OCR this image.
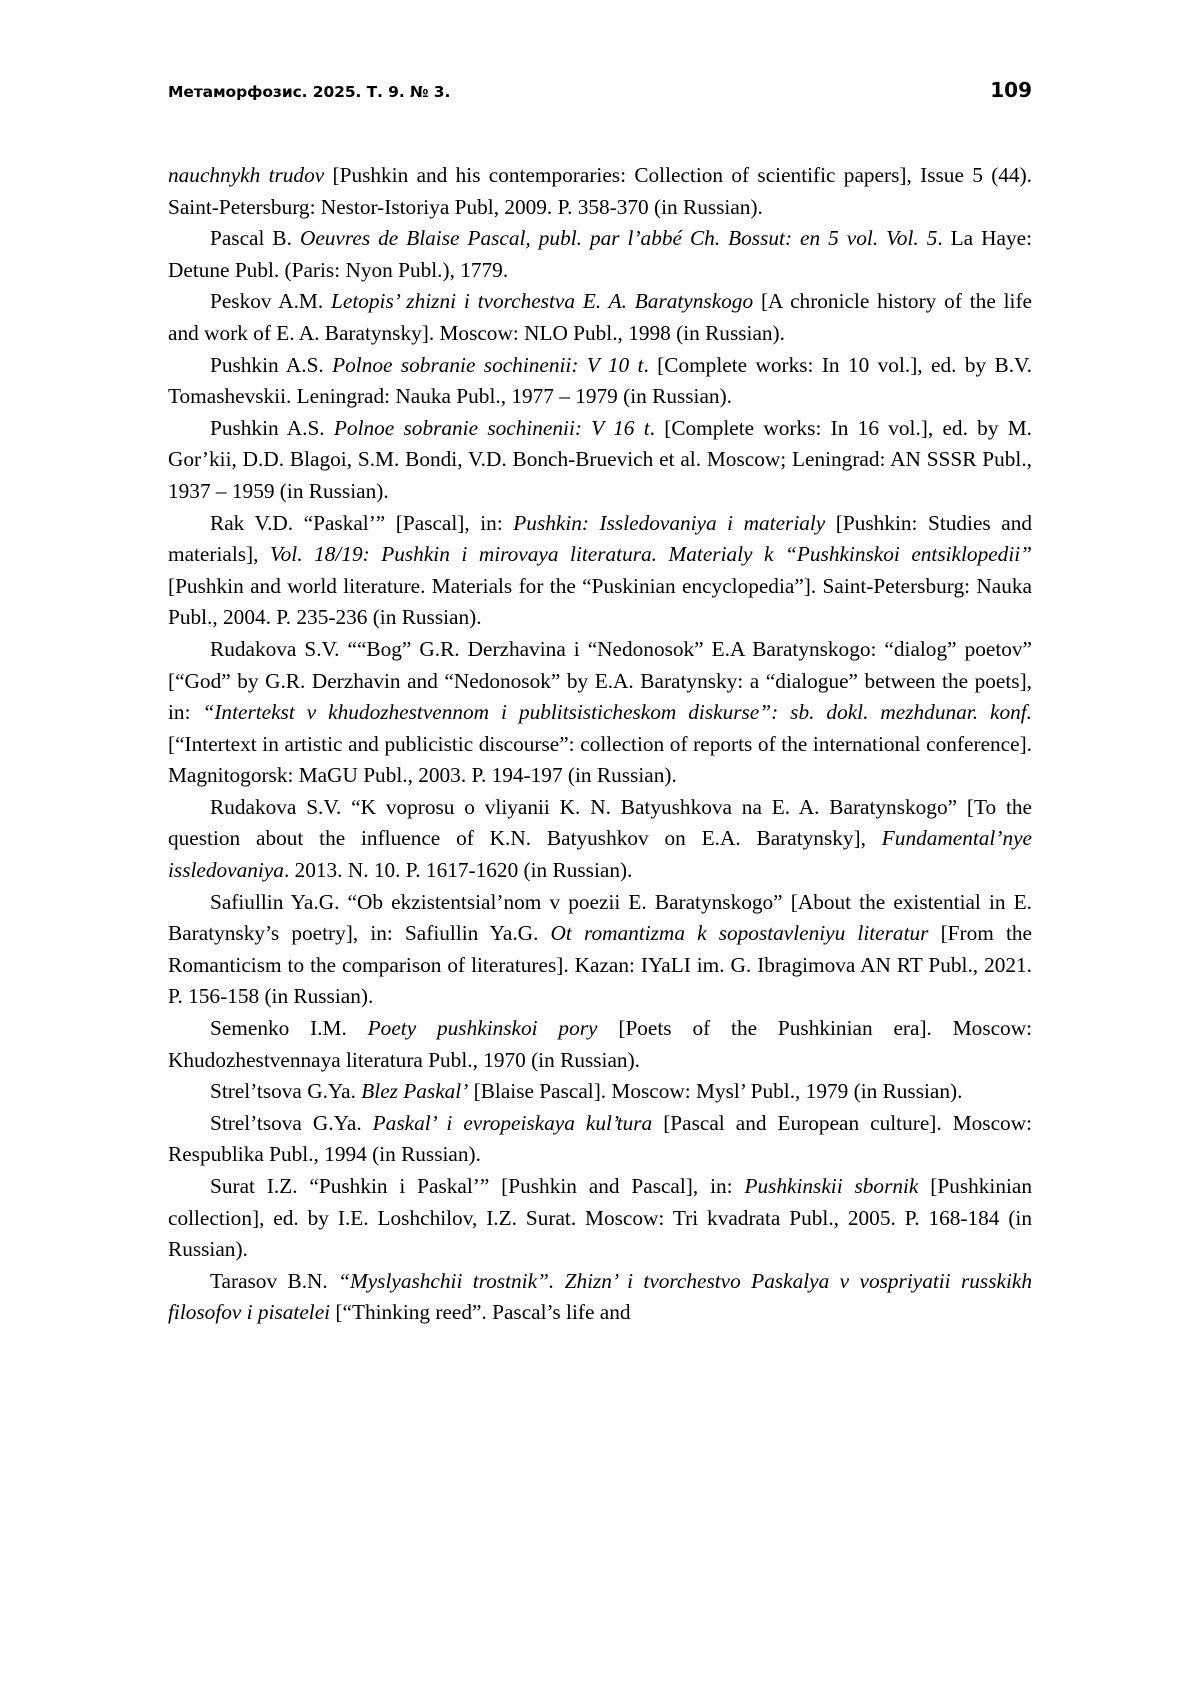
Метаморфозис. 2025. Т. 9. № 3.	109

nauchnykh trudov [Pushkin and his contemporaries: Collection of scientific papers], Issue 5 (44). Saint-Petersburg: Nestor-Istoriya Publ, 2009. P. 358-370 (in Russian).

Pascal B. Oeuvres de Blaise Pascal, publ. par l’abbé Ch. Bossut: en 5 vol. Vol. 5. La Haye: Detune Publ. (Paris: Nyon Publ.), 1779.

Peskov A.M. Letopis’ zhizni i tvorchestva E. A. Baratynskogo [A chronicle history of the life and work of E. A. Baratynsky]. Moscow: NLO Publ., 1998 (in Russian).

Pushkin A.S. Polnoe sobranie sochinenii: V 10 t. [Complete works: In 10 vol.], ed. by B.V. Tomashevskii. Leningrad: Nauka Publ., 1977 – 1979 (in Russian).

Pushkin A.S. Polnoe sobranie sochinenii: V 16 t. [Complete works: In 16 vol.], ed. by M. Gor’kii, D.D. Blagoi, S.M. Bondi, V.D. Bonch-Bruevich et al. Moscow; Leningrad: AN SSSR Publ., 1937 – 1959 (in Russian).

Rak V.D. “Paskal’” [Pascal], in: Pushkin: Issledovaniya i materialy [Pushkin: Studies and materials], Vol. 18/19: Pushkin i mirovaya literatura. Materialy k “Pushkinskoi entsiklopedii” [Pushkin and world literature. Materials for the “Puskinian encyclopedia”]. Saint-Petersburg: Nauka Publ., 2004. P. 235-236 (in Russian).

Rudakova S.V. ““Bog” G.R. Derzhavina i “Nedonosok” E.A Baratynskogo: “dialog” poetov” [“God” by G.R. Derzhavin and “Nedonosok” by E.A. Baratynsky: a “dialogue” between the poets], in: “Intertekst v khudozhestvennom i publitsisticheskom diskurse”: sb. dokl. mezhdunar. konf. [“Intertext in artistic and publicistic discourse”: collection of reports of the international conference]. Magnitogorsk: MaGU Publ., 2003. P. 194-197 (in Russian).

Rudakova S.V. “K voprosu o vliyanii K. N. Batyushkova na E. A. Baratynskogo” [To the question about the influence of K.N. Batyushkov on E.A. Baratynsky], Fundamental’nye issledovaniya. 2013. N. 10. P. 1617-1620 (in Russian).

Safiullin Ya.G. “Ob ekzistentsial’nom v poezii E. Baratynskogo” [About the existential in E. Baratynsky’s poetry], in: Safiullin Ya.G. Ot romantizma k sopostavleniyu literatur [From the Romanticism to the comparison of literatures]. Kazan: IYaLI im. G. Ibragimova AN RT Publ., 2021. P. 156-158 (in Russian).

Semenko I.M. Poety pushkinskoi pory [Poets of the Pushkinian era]. Moscow: Khudozhestvennaya literatura Publ., 1970 (in Russian).

Strel’tsova G.Ya. Blez Paskal’ [Blaise Pascal]. Moscow: Mysl’ Publ., 1979 (in Russian).

Strel’tsova G.Ya. Paskal’ i evropeiskaya kul’tura [Pascal and European culture]. Moscow: Respublika Publ., 1994 (in Russian).

Surat I.Z. “Pushkin i Paskal’” [Pushkin and Pascal], in: Pushkinskii sbornik [Pushkinian collection], ed. by I.E. Loshchilov, I.Z. Surat. Moscow: Tri kvadrata Publ., 2005. P. 168-184 (in Russian).

Tarasov B.N. “Myslyashchii trostnik”. Zhizn’ i tvorchestvo Paskalya v vospriyatii russkikh filosofov i pisatelei [“Thinking reed”. Pascal’s life and
